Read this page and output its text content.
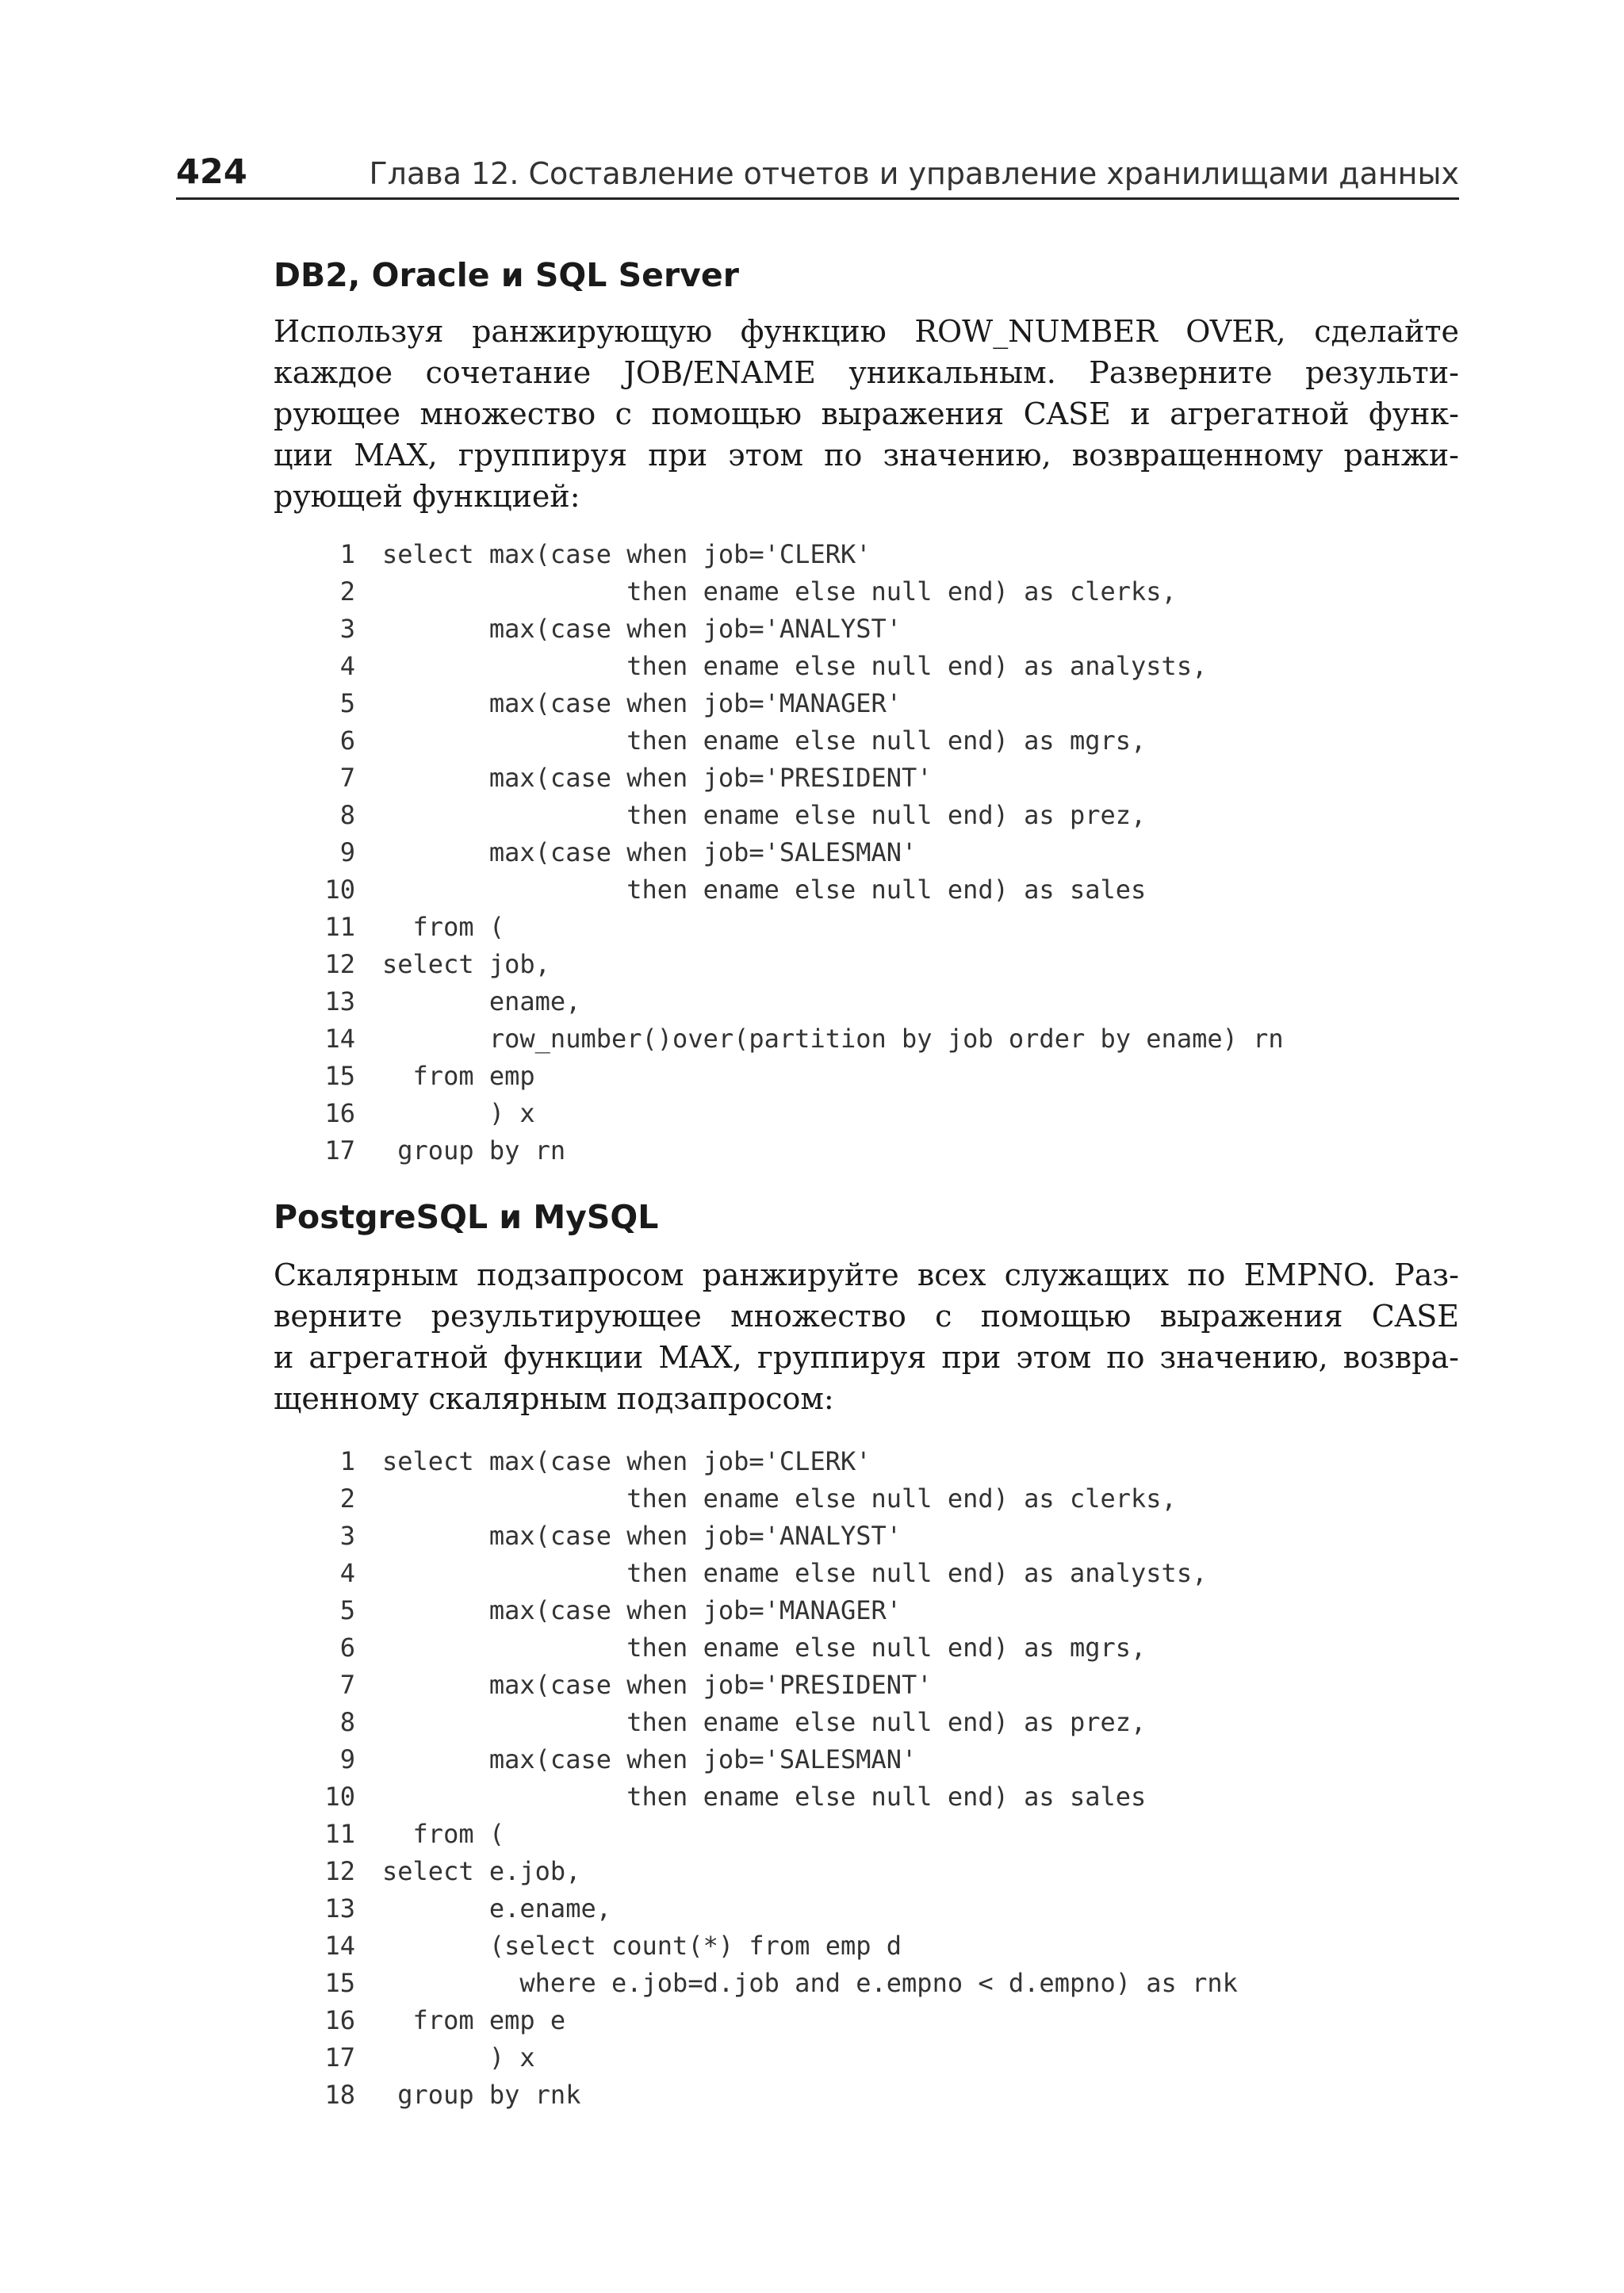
424	Глава 12. Составление отчетов и управление хранилищами данных
DB2, Oracle и SQL Server

Используя ранжирующую функцию ROW_NUMBER OVER, сделайте
каждое сочетание JOB/ENAME уникальным. Разверните результи-
рующее множество с помощью выражения CASE и агрегатной функ-
ции MAX, группируя при этом по значению, возвращенному ранжи-
рующей функцией:

1 select max(case when job='CLERK'
2                then ename else null end) as clerks,
3       max(case when job='ANALYST'
4                then ename else null end) as analysts,
5       max(case when job='MANAGER'
6                then ename else null end) as mgrs,
7       max(case when job='PRESIDENT'
8                then ename else null end) as prez,
9       max(case when job='SALESMAN'
10                then ename else null end) as sales
11  from (
12 select job,
13       ename,
14       row_number()over(partition by job order by ename) rn
15  from emp
16       ) x
17 group by rn
PostgreSQL и MySQL

Скалярным подзапросом ранжируйте всех служащих по EMPNO. Раз-
верните результирующее множество с помощью выражения CASE
и агрегатной функции MAX, группируя при этом по значению, возвра-
щенному скалярным подзапросом:

1 select max(case when job='CLERK'
2                then ename else null end) as clerks,
3       max(case when job='ANALYST'
4                then ename else null end) as analysts,
5       max(case when job='MANAGER'
6                then ename else null end) as mgrs,
7       max(case when job='PRESIDENT'
8                then ename else null end) as prez,
9       max(case when job='SALESMAN'
10                then ename else null end) as sales
11  from (
12 select e.job,
13       e.ename,
14       (select count(*) from emp d
15         where e.job=d.job and e.empno < d.empno) as rnk
16  from emp e
17       ) x
18 group by rnk
